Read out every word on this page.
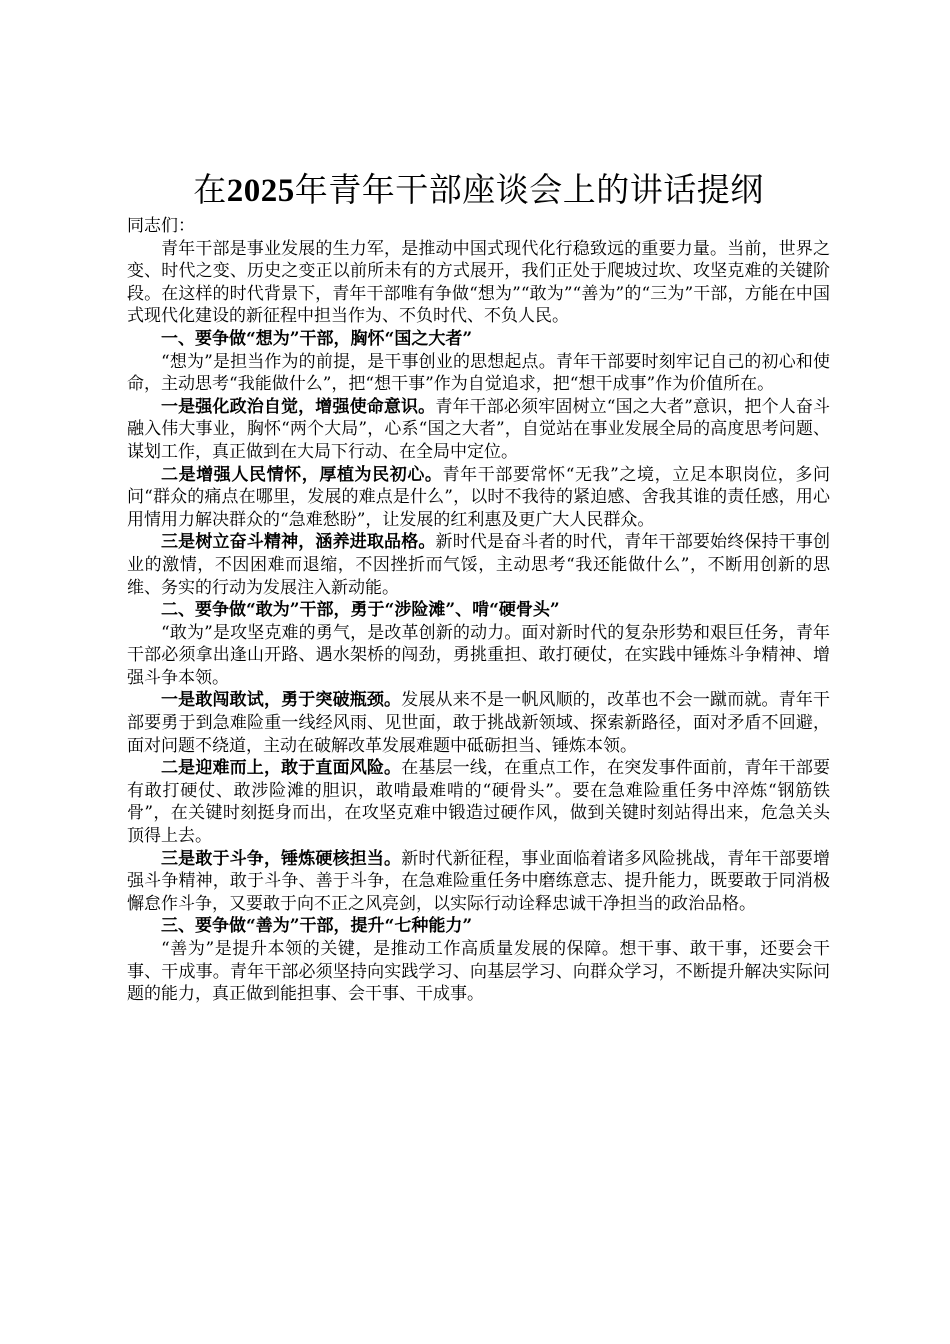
在2025年青年干部座谈会上的讲话提纲

同志们：

青年干部是事业发展的生力军，是推动中国式现代化行稳致远的重要力量。当前，世界之变、时代之变、历史之变正以前所未有的方式展开，我们正处于爬坡过坎、攻坚克难的关键阶段。在这样的时代背景下，青年干部唯有争做“想为”“敢为”“善为”的“三为”干部，方能在中国式现代化建设的新征程中担当作为、不负时代、不负人民。

一、要争做“想为”干部，胸怀“国之大者”

“想为”是担当作为的前提，是干事创业的思想起点。青年干部要时刻牢记自己的初心和使命，主动思考“我能做什么”，把“想干事”作为自觉追求，把“想干成事”作为价值所在。

一是强化政治自觉，增强使命意识。青年干部必须牢固树立“国之大者”意识，把个人奋斗融入伟大事业，胸怀“两个大局”，心系“国之大者”，自觉站在事业发展全局的高度思考问题、谋划工作，真正做到在大局下行动、在全局中定位。

二是增强人民情怀，厚植为民初心。青年干部要常怀“无我”之境，立足本职岗位，多问问“群众的痛点在哪里，发展的难点是什么”，以时不我待的紧迫感、舍我其谁的责任感，用心用情用力解决群众的“急难愁盼”，让发展的红利惠及更广大人民群众。

三是树立奋斗精神，涵养进取品格。新时代是奋斗者的时代，青年干部要始终保持干事创业的激情，不因困难而退缩，不因挫折而气馁，主动思考“我还能做什么”，不断用创新的思维、务实的行动为发展注入新动能。

二、要争做“敢为”干部，勇于“涉险滩”、啃“硬骨头”

“敢为”是攻坚克难的勇气，是改革创新的动力。面对新时代的复杂形势和艰巨任务，青年干部必须拿出逢山开路、遇水架桥的闯劲，勇挑重担、敢打硬仗，在实践中锤炼斗争精神、增强斗争本领。

一是敢闯敢试，勇于突破瓶颈。发展从来不是一帆风顺的，改革也不会一蹴而就。青年干部要勇于到急难险重一线经风雨、见世面，敢于挑战新领域、探索新路径，面对矛盾不回避，面对问题不绕道，主动在破解改革发展难题中砥砺担当、锤炼本领。

二是迎难而上，敢于直面风险。在基层一线，在重点工作，在突发事件面前，青年干部要有敢打硬仗、敢涉险滩的胆识，敢啃最难啃的“硬骨头”。要在急难险重任务中淬炼“钢筋铁骨”，在关键时刻挺身而出，在攻坚克难中锻造过硬作风，做到关键时刻站得出来，危急关头顶得上去。

三是敢于斗争，锤炼硬核担当。新时代新征程，事业面临着诸多风险挑战，青年干部要增强斗争精神，敢于斗争、善于斗争，在急难险重任务中磨练意志、提升能力，既要敢于同消极懈怠作斗争，又要敢于向不正之风亮剑，以实际行动诠释忠诚干净担当的政治品格。

三、要争做“善为”干部，提升“七种能力”

“善为”是提升本领的关键，是推动工作高质量发展的保障。想干事、敢干事，还要会干事、干成事。青年干部必须坚持向实践学习、向基层学习、向群众学习，不断提升解决实际问题的能力，真正做到能担事、会干事、干成事。
